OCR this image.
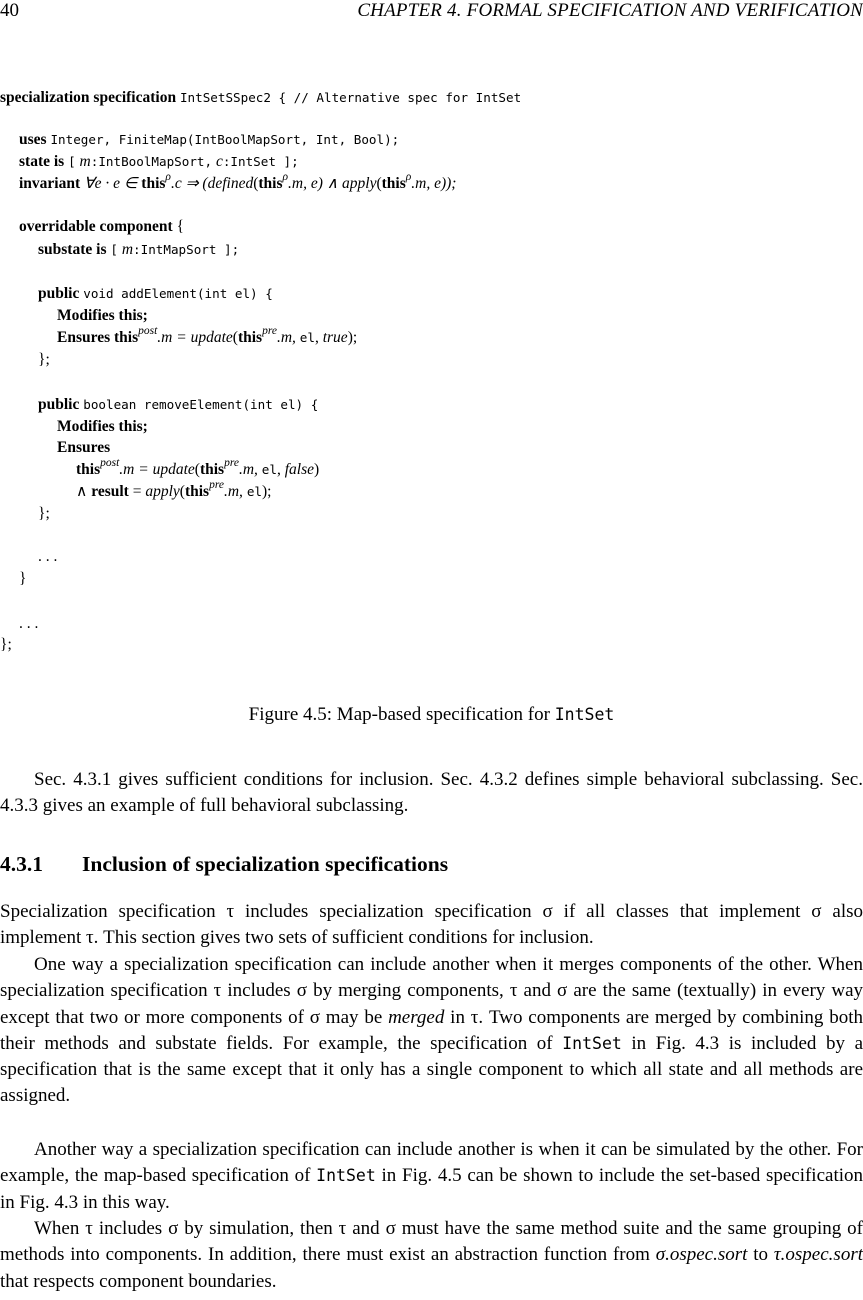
40	CHAPTER 4. FORMAL SPECIFICATION AND VERIFICATION
specialization specification IntSetSSpec2 { // Alternative spec for IntSet
uses Integer, FiniteMap(IntBoolMapSort, Int, Bool);
state is [ m:IntBoolMapSort, c:IntSet ];
invariant ∀e · e ∈ this$^\rho$.c ⇒ (defined(this$^\rho$.m, e) ∧ apply(this$^\rho$.m, e));
overridable component {
substate is [ m:IntMapSort ];
public void addElement(int el) {
Modifies this;
Ensures this$^{post}$.m = update(this$^{pre}$.m, el, true);
};
public boolean removeElement(int el) {
Modifies this;
Ensures
this$^{post}$.m = update(this$^{pre}$.m, el, false)
∧ result = apply(this$^{pre}$.m, el);
};
. . .
}
. . .
};
Figure 4.5: Map-based specification for IntSet
Sec. 4.3.1 gives sufficient conditions for inclusion. Sec. 4.3.2 defines simple behavioral subclassing. Sec. 4.3.3 gives an example of full behavioral subclassing.
4.3.1 Inclusion of specialization specifications
Specialization specification τ includes specialization specification σ if all classes that implement σ also implement τ. This section gives two sets of sufficient conditions for inclusion.
One way a specialization specification can include another when it merges components of the other. When specialization specification τ includes σ by merging components, τ and σ are the same (textually) in every way except that two or more components of σ may be merged in τ. Two components are merged by combining both their methods and substate fields. For example, the specification of IntSet in Fig. 4.3 is included by a specification that is the same except that it only has a single component to which all state and all methods are assigned.
Another way a specialization specification can include another is when it can be simulated by the other. For example, the map-based specification of IntSet in Fig. 4.5 can be shown to include the set-based specification in Fig. 4.3 in this way.
When τ includes σ by simulation, then τ and σ must have the same method suite and the same grouping of methods into components. In addition, there must exist an abstraction function from σ.ospec.sort to τ.ospec.sort that respects component boundaries.
